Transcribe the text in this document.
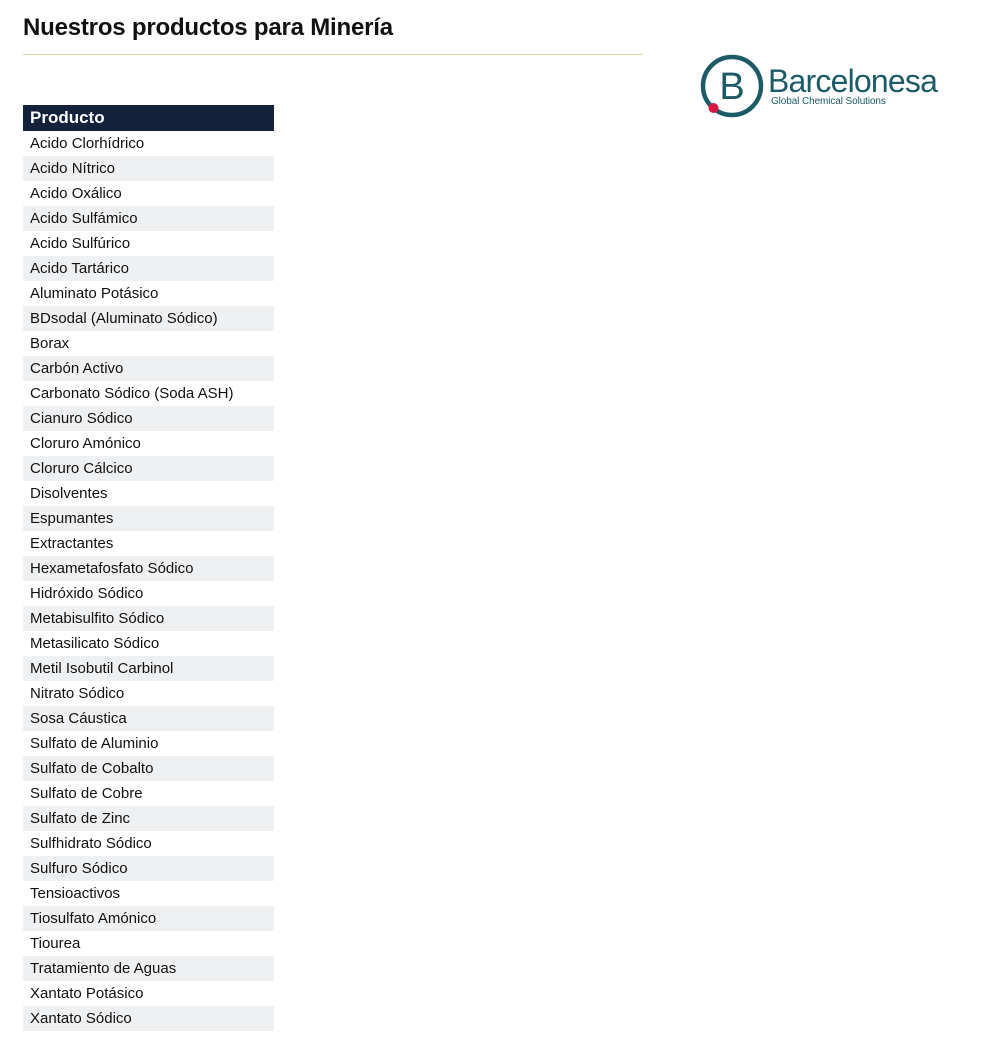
Nuestros productos para Minería
B Barcelonesa
Global Chemical Solutions
Producto
Acido Clorhídrico
Acido Nítrico
Acido Oxálico
Acido Sulfámico
Acido Sulfúrico
Acido Tartárico
Aluminato Potásico
BDsodal (Aluminato Sódico)
Borax
Carbón Activo
Carbonato Sódico (Soda ASH)
Cianuro Sódico
Cloruro Amónico
Cloruro Cálcico
Disolventes
Espumantes
Extractantes
Hexametafosfato Sódico
Hidróxido Sódico
Metabisulfito Sódico
Metasilicato Sódico
Metil Isobutil Carbinol
Nitrato Sódico
Sosa Cáustica
Sulfato de Aluminio
Sulfato de Cobalto
Sulfato de Cobre
Sulfato de Zinc
Sulfhidrato Sódico
Sulfuro Sódico
Tensioactivos
Tiosulfato Amónico
Tiourea
Tratamiento de Aguas
Xantato Potásico
Xantato Sódico
